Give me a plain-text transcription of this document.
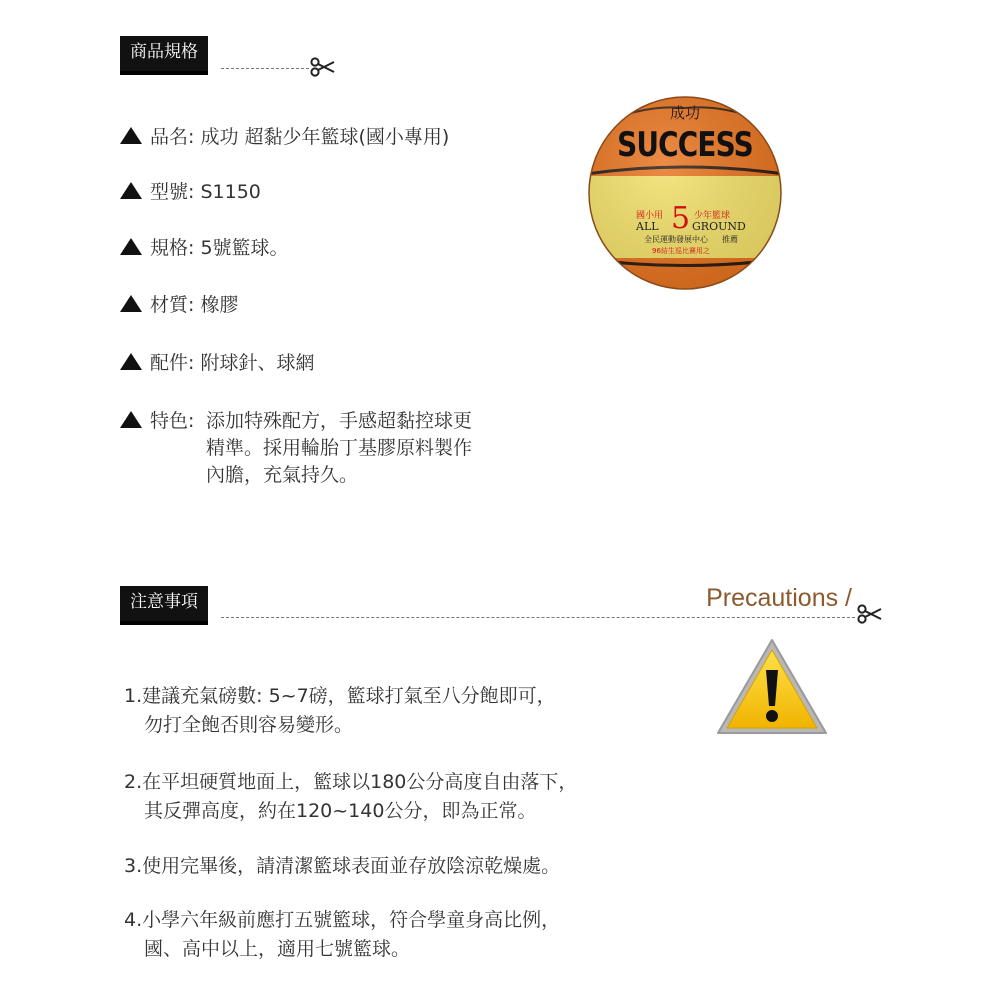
商品規格
品名: 成功 超黏少年籃球(國小專用)
型號: S1150
規格: 5號籃球。
材質: 橡膠
配件: 附球針、球網
特色: 添加特殊配方，手感超黏控球更
精準。採用輪胎丁基膠原料製作
內膽，充氣持久。
成功
SUCCESS
國小用 5 少年籃球
ALL	GROUND
全民運動發展中心 推薦
96結生巡比賽用之
注意事項	Precautions /
1.建議充氣磅數: 5~7磅，籃球打氣至八分飽即可，
勿打全飽否則容易變形。
2.在平坦硬質地面上，籃球以180公分高度自由落下，
其反彈高度，約在120~140公分，即為正常。
3.使用完畢後，請清潔籃球表面並存放陰涼乾燥處。
4.小學六年級前應打五號籃球，符合學童身高比例，
國、高中以上，適用七號籃球。
